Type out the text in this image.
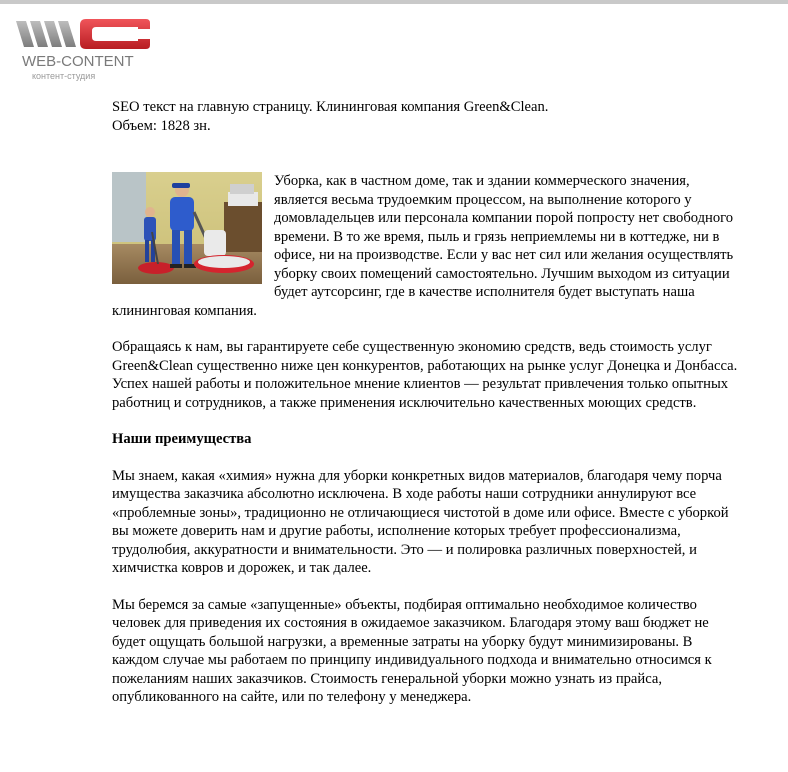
WEB-CONTENT
контент-студия

SEO текст на главную страницу. Клининговая компания Green&Clean.

Объем: 1828 зн.

Уборка, как в частном доме, так и здании коммерческого значения, является весьма трудоемким процессом, на выполнение которого у домовладельцев или персонала компании порой попросту нет свободного времени. В то же время, пыль и грязь неприемлемы ни в коттедже, ни в офисе, ни на производстве. Если у вас нет сил или желания осуществлять уборку своих помещений самостоятельно. Лучшим выходом из ситуации будет аутсорсинг, где в качестве исполнителя будет выступать наша клининговая компания.

Обращаясь к нам, вы гарантируете себе существенную экономию средств, ведь стоимость услуг Green&Clean существенно ниже цен конкурентов, работающих на рынке услуг Донецка и Донбасса. Успех нашей работы и положительное мнение клиентов — результат привлечения только опытных работниц и сотрудников, а также применения исключительно качественных моющих средств.

Наши преимущества

Мы знаем, какая «химия» нужна для уборки конкретных видов материалов, благодаря чему порча имущества заказчика абсолютно исключена. В ходе работы наши сотрудники аннулируют все «проблемные зоны», традиционно не отличающиеся чистотой в доме или офисе. Вместе с уборкой вы можете доверить нам и другие работы, исполнение которых требует профессионализма, трудолюбия, аккуратности и внимательности. Это — и полировка различных поверхностей, и химчистка ковров и дорожек, и так далее.

Мы беремся за самые «запущенные» объекты, подбирая оптимально необходимое количество человек для приведения их состояния в ожидаемое заказчиком. Благодаря этому ваш бюджет не будет ощущать большой нагрузки, а временные затраты на уборку будут минимизированы. В каждом случае мы работаем по принципу индивидуального подхода и внимательно относимся к пожеланиям наших заказчиков. Стоимость генеральной уборки можно узнать из прайса, опубликованного на сайте, или по телефону у менеджера.
